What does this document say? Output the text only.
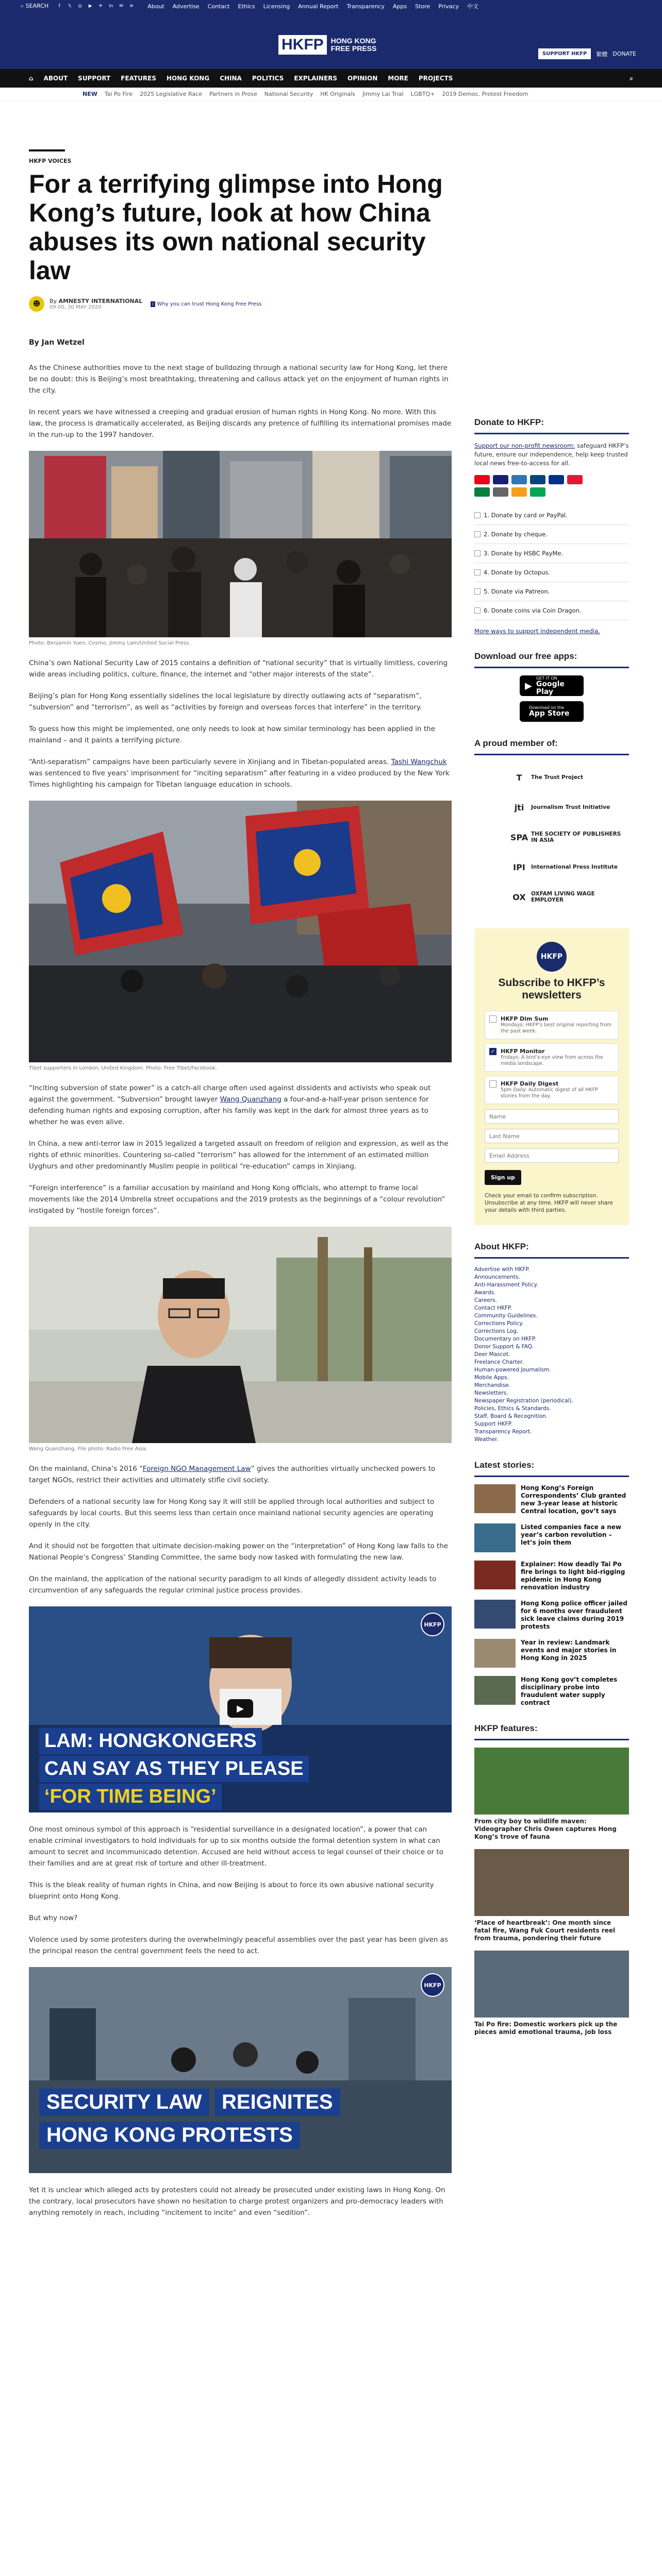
⌕ SEARCH	f	𝕏	◎	▶	✈	in	✉	≋ About Advertise Contact Ethics Licensing Annual Report Transparency Apps Store Privacy 中文
HKFP	HONG KONG
FREE PRESS
SUPPORT HKFP	繁體 DONATE
⌂ ABOUT SUPPORT FEATURES HONG KONG CHINA POLITICS EXPLAINERS OPINION MORE PROJECTS	⌕
NEW Tai Po Fire 2025 Legislative Race Partners in Prose National Security HK Originals Jimmy Lai Trial LGBTQ+ 2019 Democ. Protest Freedom
HKFP VOICES
For a terrifying glimpse into Hong Kong’s future, look at how China abuses its own national security law
☻	By AMNESTY INTERNATIONAL
09:00, 30 MAY 2020
i Why you can trust Hong Kong Free Press
By Jan Wetzel

As the Chinese authorities move to the next stage of bulldozing through a national security law for Hong Kong, let there be no doubt: this is Beijing’s most breathtaking, threatening and callous attack yet on the enjoyment of human rights in the city.

In recent years we have witnessed a creeping and gradual erosion of human rights in Hong Kong. No more. With this law, the process is dramatically accelerated, as Beijing discards any pretence of fulfilling its international promises made in the run-up to the 1997 handover.

Photo: Benjamin Yuen, Cosmo, Jimmy Lam/United Social Press.

China’s own National Security Law of 2015 contains a definition of “national security” that is virtually limitless, covering wide areas including politics, culture, finance, the internet and “other major interests of the state”.

Beijing’s plan for Hong Kong essentially sidelines the local legislature by directly outlawing acts of “separatism”, “subversion” and “terrorism”, as well as “activities by foreign and overseas forces that interfere” in the territory.

To guess how this might be implemented, one only needs to look at how similar terminology has been applied in the mainland – and it paints a terrifying picture.

“Anti-separatism” campaigns have been particularly severe in Xinjiang and in Tibetan-populated areas. Tashi Wangchuk was sentenced to five years’ imprisonment for “inciting separatism” after featuring in a video produced by the New York Times highlighting his campaign for Tibetan language education in schools.

Tibet supporters in London, United Kingdom. Photo: Free Tibet/Facebook.

“Inciting subversion of state power” is a catch-all charge often used against dissidents and activists who speak out against the government. “Subversion” brought lawyer Wang Quanzhang a four-and-a-half-year prison sentence for defending human rights and exposing corruption, after his family was kept in the dark for almost three years as to whether he was even alive.

In China, a new anti-terror law in 2015 legalized a targeted assault on freedom of religion and expression, as well as the rights of ethnic minorities. Countering so-called “terrorism” has allowed for the internment of an estimated million Uyghurs and other predominantly Muslim people in political “re-education” camps in Xinjiang.

“Foreign interference” is a familiar accusation by mainland and Hong Kong officials, who attempt to frame local movements like the 2014 Umbrella street occupations and the 2019 protests as the beginnings of a “colour revolution” instigated by “hostile foreign forces”.

Wang Quanzhang. File photo: Radio Free Asia.

On the mainland, China’s 2016 “Foreign NGO Management Law” gives the authorities virtually unchecked powers to target NGOs, restrict their activities and ultimately stifle civil society.

Defenders of a national security law for Hong Kong say it will still be applied through local authorities and subject to safeguards by local courts. But this seems less than certain once mainland national security agencies are operating openly in the city.

And it should not be forgotten that ultimate decision-making power on the “interpretation” of Hong Kong law falls to the National People’s Congress’ Standing Committee, the same body now tasked with formulating the new law.

On the mainland, the application of the national security paradigm to all kinds of allegedly dissident activity leads to circumvention of any safeguards the regular criminal justice process provides.

HKFP
▶
LAM: HONGKONGERS
CAN SAY AS THEY PLEASE
‘FOR TIME BEING’

One most ominous symbol of this approach is “residential surveillance in a designated location”, a power that can enable criminal investigators to hold individuals for up to six months outside the formal detention system in what can amount to secret and incommunicado detention. Accused are held without access to legal counsel of their choice or to their families and are at great risk of torture and other ill-treatment.

This is the bleak reality of human rights in China, and now Beijing is about to force its own abusive national security blueprint onto Hong Kong.

But why now?

Violence used by some protesters during the overwhelmingly peaceful assemblies over the past year has been given as the principal reason the central government feels the need to act.

HKFP
SECURITY LAW REIGNITES
HONG KONG PROTESTS

Yet it is unclear which alleged acts by protesters could not already be prosecuted under existing laws in Hong Kong. On the contrary, local prosecutors have shown no hesitation to charge protest organizers and pro-democracy leaders with anything remotely in reach, including “incitement to incite” and even “sedition”.

Donate to HKFP:
Support our non-profit newsroom: safeguard HKFP’s future, ensure our independence, help keep trusted local news free-to-access for all.
1. Donate by card or PayPal.
2. Donate by cheque.
3. Donate by HSBC PayMe.
4. Donate by Octopus.
5. Donate via Patreon.
6. Donate coins via Coin Dragon.
More ways to support independent media.
Download our free apps:
▶
GET IT ON
Google Play
Download on the
App Store
A proud member of:
T	The Trust Project
jti	Journalism Trust Initiative
SPA THE SOCIETY OF PUBLISHERS IN ASIA
IPI	International Press Institute
OX OXFAM LIVING WAGE EMPLOYER
HKFP
Subscribe to HKFP’s newsletters
HKFP Dim Sum
Mondays: HKFP’s best original reporting from the past week.
✓ HKFP Monitor
Fridays: A bird’s-eye view from across the media landscape.
HKFP Daily Digest
5pm Daily: Automatic digest of all HKFP stories from the day.
Name
Last Name
Email Address Sign up
Check your email to confirm subscription. Unsubscribe at any time. HKFP will never share your details with third parties.
About HKFP:
Advertise with HKFP.
Announcements.
Anti-Harassment Policy.
Awards.
Careers.
Contact HKFP.
Community Guidelines.
Corrections Policy.
Corrections Log.
Documentary on HKFP.
Donor Support & FAQ.
Deer Mascot.
Freelance Charter.
Human-powered Journalism.
Mobile Apps.
Merchandise.
Newsletters.
Newspaper Registration (periodical).
Policies, Ethics & Standards.
Staff, Board & Recognition.
Support HKFP.
Transparency Report.
Weather.
Latest stories:
Hong Kong’s Foreign Correspondents’ Club granted new 3-year lease at historic Central location, gov’t says
Listed companies face a new year’s carbon revolution – let’s join them
Explainer: How deadly Tai Po fire brings to light bid-rigging epidemic in Hong Kong renovation industry
Hong Kong police officer jailed for 6 months over fraudulent sick leave claims during 2019 protests
Year in review: Landmark events and major stories in Hong Kong in 2025
Hong Kong gov’t completes disciplinary probe into fraudulent water supply contract
HKFP features:
From city boy to wildlife maven: Videographer Chris Owen captures Hong Kong’s trove of fauna
‘Place of heartbreak’: One month since fatal fire, Wang Fuk Court residents reel from trauma, pondering their future
Tai Po fire: Domestic workers pick up the pieces amid emotional trauma, job loss
